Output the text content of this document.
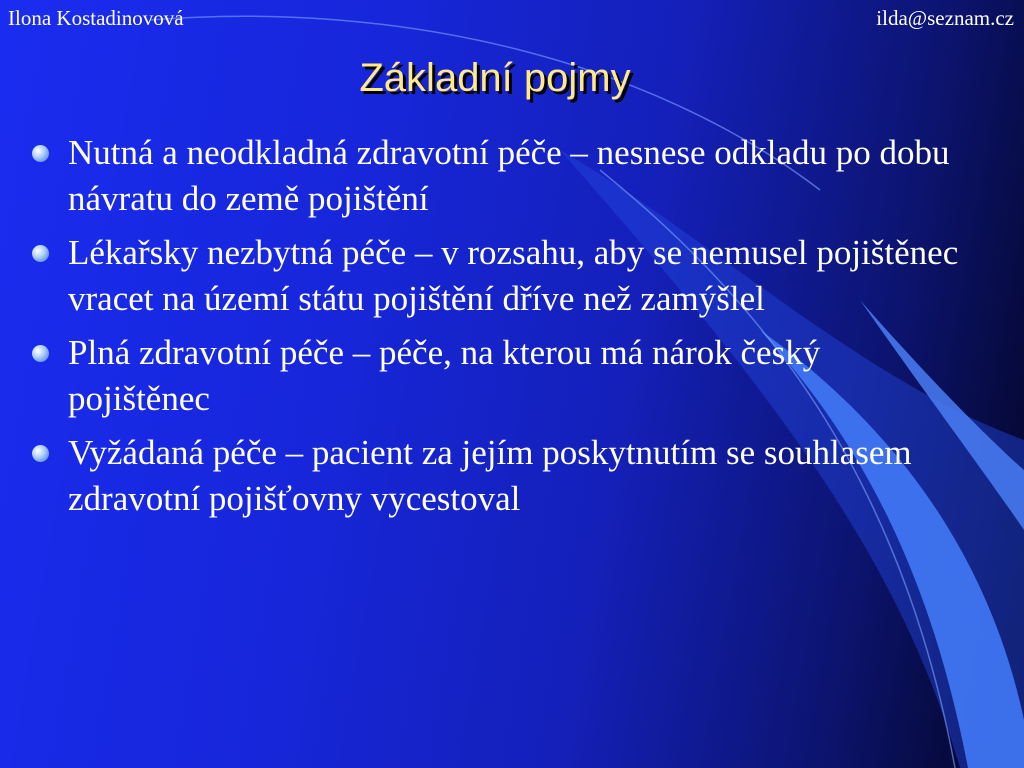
Ilona Kostadinovová	ilda@seznam.cz
Základní pojmy
Nutná a neodkladná zdravotní péče – nesnese odkladu po dobu návratu do země pojištění
Lékařsky nezbytná péče – v rozsahu, aby se nemusel pojištěnec vracet na území státu pojištění dříve než zamýšlel
Plná zdravotní péče – péče, na kterou má nárok český pojištěnec
Vyžádaná péče – pacient za jejím poskytnutím se souhlasem zdravotní pojišťovny vycestoval
